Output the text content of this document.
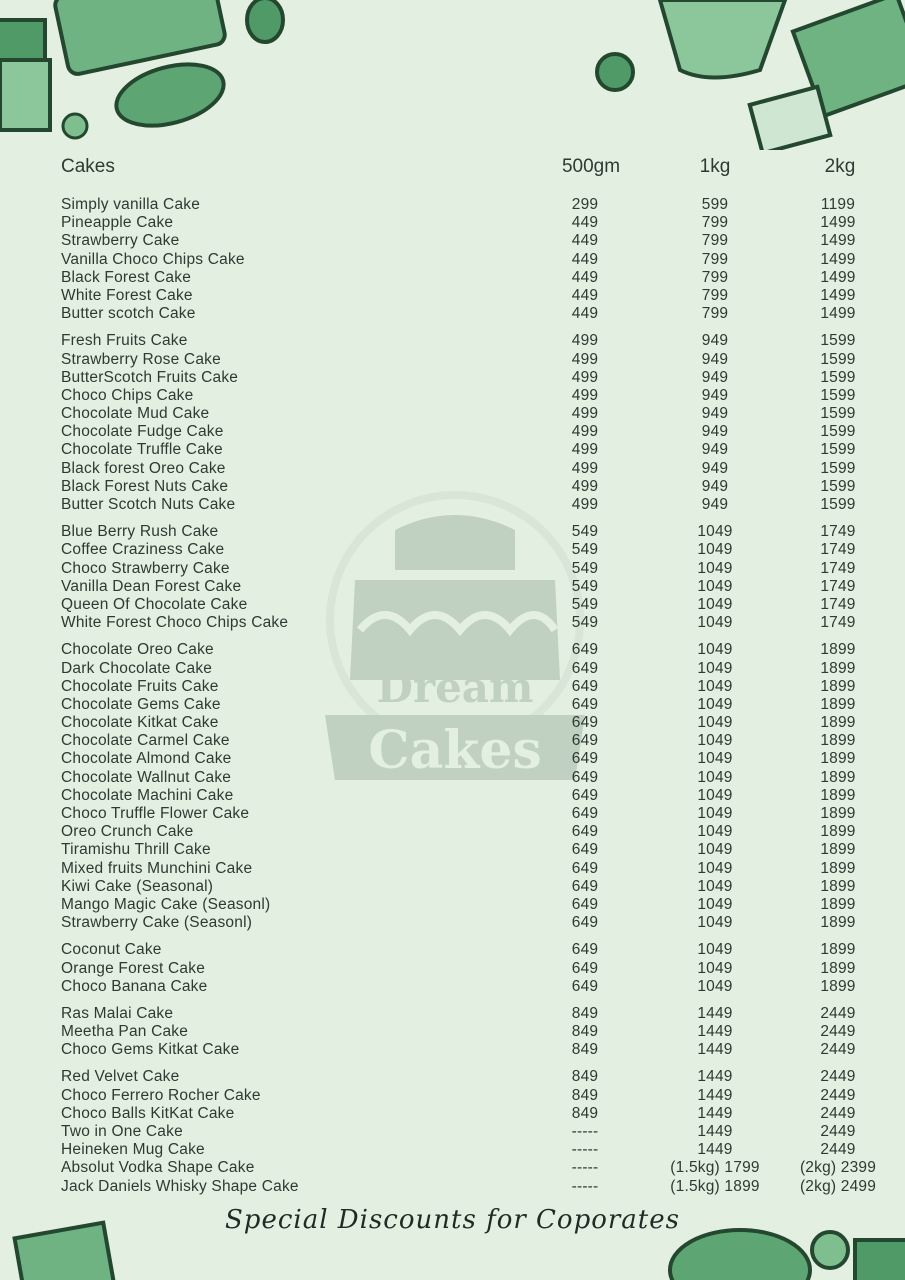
Dream
Cakes
Cakes	500gm	1kg	2kg
Simply vanilla Cake	299	599	1199
Pineapple Cake	449	799	1499
Strawberry Cake	449	799	1499
Vanilla Choco Chips Cake	449	799	1499
Black Forest Cake	449	799	1499
White Forest Cake	449	799	1499
Butter scotch Cake	449	799	1499
Fresh Fruits Cake	499	949	1599
Strawberry Rose Cake	499	949	1599
ButterScotch Fruits Cake	499	949	1599
Choco Chips Cake	499	949	1599
Chocolate Mud Cake	499	949	1599
Chocolate Fudge Cake	499	949	1599
Chocolate Truffle Cake	499	949	1599
Black forest Oreo Cake	499	949	1599
Black Forest Nuts Cake	499	949	1599
Butter Scotch Nuts Cake	499	949	1599
Blue Berry Rush Cake	549	1049	1749
Coffee Craziness Cake	549	1049	1749
Choco Strawberry Cake	549	1049	1749
Vanilla Dean Forest Cake	549	1049	1749
Queen Of Chocolate Cake	549	1049	1749
White Forest Choco Chips Cake	549	1049	1749
Chocolate Oreo Cake	649	1049	1899
Dark Chocolate Cake	649	1049	1899
Chocolate Fruits Cake	649	1049	1899
Chocolate Gems Cake	649	1049	1899
Chocolate Kitkat Cake	649	1049	1899
Chocolate Carmel Cake	649	1049	1899
Chocolate Almond Cake	649	1049	1899
Chocolate Wallnut Cake	649	1049	1899
Chocolate Machini Cake	649	1049	1899
Choco Truffle Flower Cake	649	1049	1899
Oreo Crunch Cake	649	1049	1899
Tiramishu Thrill Cake	649	1049	1899
Mixed fruits Munchini Cake	649	1049	1899
Kiwi Cake (Seasonal)	649	1049	1899
Mango Magic Cake (Seasonl)	649	1049	1899
Strawberry Cake (Seasonl)	649	1049	1899
Coconut Cake	649	1049	1899
Orange Forest Cake	649	1049	1899
Choco Banana Cake	649	1049	1899
Ras Malai Cake	849	1449	2449
Meetha Pan Cake	849	1449	2449
Choco Gems Kitkat Cake	849	1449	2449
Red Velvet Cake	849	1449	2449
Choco Ferrero Rocher Cake	849	1449	2449
Choco Balls KitKat Cake	849	1449	2449
Two in One Cake	-----	1449	2449
Heineken Mug Cake	-----	1449	2449
Absolut Vodka Shape Cake	-----	(1.5kg) 1799	(2kg) 2399
Jack Daniels Whisky Shape Cake	-----	(1.5kg) 1899	(2kg) 2499
Special Discounts for Coporates
